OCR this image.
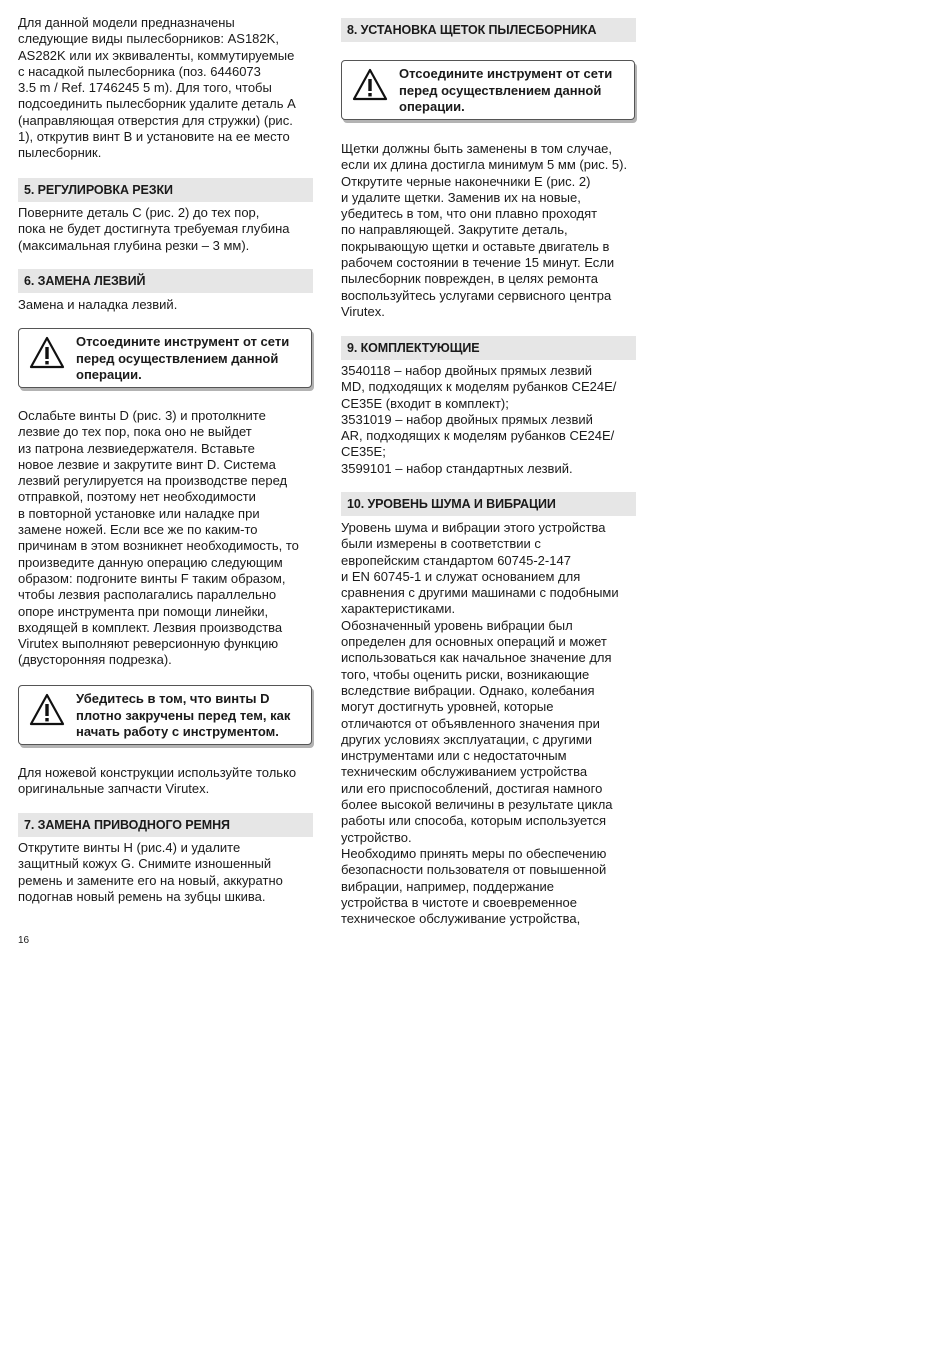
Для данной модели предназначены
следующие виды пылесборников: AS182K,
AS282K или их эквиваленты, коммутируемые
с насадкой пылесборника (поз. 6446073
3.5 m / Ref. 1746245 5 m). Для того, чтобы
подсоединить пылесборник удалите деталь А
(направляющая отверстия для стружки) (рис.
1), открутив винт В и установите на ее место
пылесборник.

5. РЕГУЛИРОВКА РЕЗКИ

Поверните деталь С (рис. 2) до тех пор,
пока не будет достигнута требуемая глубина
(максимальная глубина резки – 3 мм).

6. ЗАМЕНА ЛЕЗВИЙ

Замена и наладка лезвий.

Отсоедините инструмент от сети
перед осуществлением данной
операции.

Ослабьте винты D (рис. 3) и протолкните
лезвие до тех пор, пока оно не выйдет
из патрона лезвиедержателя. Вставьте
новое лезвие и закрутите винт D. Система
лезвий регулируется на производстве перед
отправкой, поэтому нет необходимости
в повторной установке или наладке при
замене ножей. Если все же по каким-то
причинам в этом возникнет необходимость, то
произведите данную операцию следующим
образом: подгоните винты F таким образом,
чтобы лезвия располагались параллельно
опоре инструмента при помощи линейки,
входящей в комплект. Лезвия производства
Virutex выполняют реверсионную функцию
(двусторонняя подрезка).

Убедитесь в том, что винты D
плотно закручены перед тем, как
начать работу с инструментом.

Для ножевой конструкции используйте только
оригинальные запчасти Virutex.

7. ЗАМЕНА ПРИВОДНОГО РЕМНЯ

Открутите винты Н (рис.4) и удалите
защитный кожух G. Снимите изношенный
ремень и замените его на новый, аккуратно
подогнав новый ремень на зубцы шкива.

16
8. УСТАНОВКА ЩЕТОК ПЫЛЕСБОРНИКА
Отсоедините инструмент от сети
перед осуществлением данной
операции.

Щетки должны быть заменены в том случае,
если их длина достигла минимум 5 мм (рис. 5).
Открутите черные наконечники Е (рис. 2)
и удалите щетки. Заменив их на новые,
убедитесь в том, что они плавно проходят
по направляющей. Закрутите деталь,
покрывающую щетки и оставьте двигатель в
рабочем состоянии в течение 15 минут. Если
пылесборник поврежден, в целях ремонта
воспользуйтесь услугами сервисного центра
Virutex.

9. КОМПЛЕКТУЮЩИЕ

3540118 – набор двойных прямых лезвий
MD, подходящих к моделям рубанков CE24E/
CE35E (входит в комплект);
3531019 – набор двойных прямых лезвий
AR, подходящих к моделям рубанков CE24E/
CE35E;
3599101 – набор стандартных лезвий.

10. УРОВЕНЬ ШУМА И ВИБРАЦИИ

Уровень шума и вибрации этого устройства
были измерены в соответствии с
европейским стандартом 60745-2-147
и EN 60745-1 и служат основанием для
сравнения с другими машинами с подобными
характеристиками.
Обозначенный уровень вибрации был
определен для основных операций и может
использоваться как начальное значение для
того, чтобы оценить риски, возникающие
вследствие вибрации. Однако, колебания
могут достигнуть уровней, которые
отличаются от объявленного значения при
других условиях эксплуатации, с другими
инструментами или с недостаточным
техническим обслуживанием устройства
или его приспособлений, достигая намного
более высокой величины в результате цикла
работы или способа, которым используется
устройство.
Необходимо принять меры по обеспечению
безопасности пользователя от повышенной
вибрации, например, поддержание
устройства в чистоте и своевременное
техническое обслуживание устройства,
